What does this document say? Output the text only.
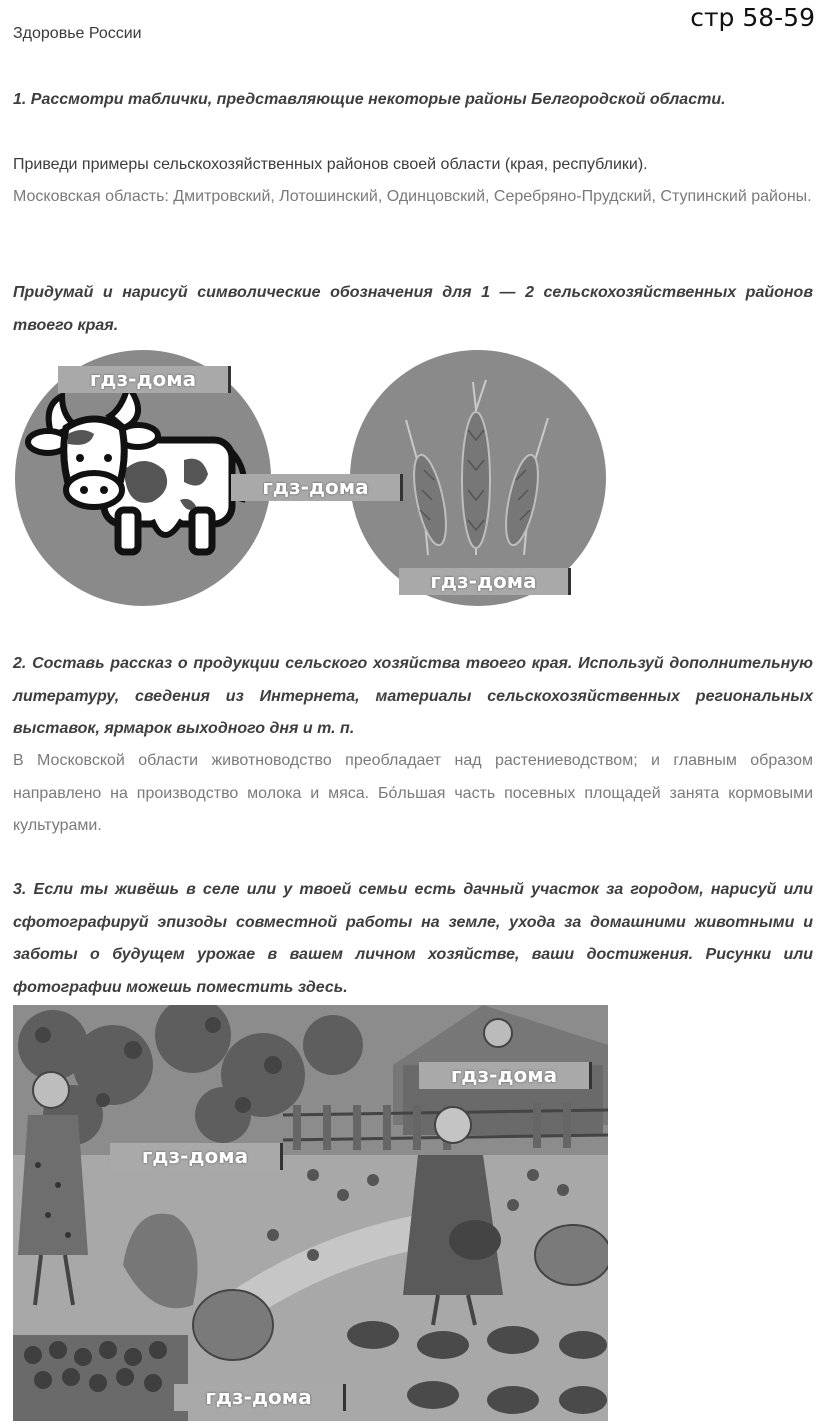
стр 58-59
Здоровье России

1. Рассмотри таблички, представляющие некоторые районы Белгородской области.

Приведи примеры сельскохозяйственных районов своей области (края, республики).

Московская область: Дмитровский, Лотошинский, Одинцовский, Серебряно-Прудский, Ступинский районы.

Придумай и нарисуй символические обозначения для 1 — 2 сельскохозяйственных районов твоего края.

гдз-дома
гдз-дома
гдз-дома

2. Составь рассказ о продукции сельского хозяйства твоего края. Используй дополнительную литературу, сведения из Интернета, материалы сельскохозяйственных региональных выставок, ярмарок выходного дня и т. п.

В Московской области животноводство преобладает над растениеводством; и главным образом направлено на производство молока и мяса. Бо́льшая часть посевных площадей занята кормовыми культурами.

3. Если ты живёшь в селе или у твоей семьи есть дачный участок за городом, нарисуй или сфотографируй эпизоды совместной работы на земле, ухода за домашними животными и заботы о будущем урожае в вашем личном хозяйстве, ваши достижения. Рисунки или фотографии можешь поместить здесь.

гдз-дома
гдз-дома
гдз-дома
